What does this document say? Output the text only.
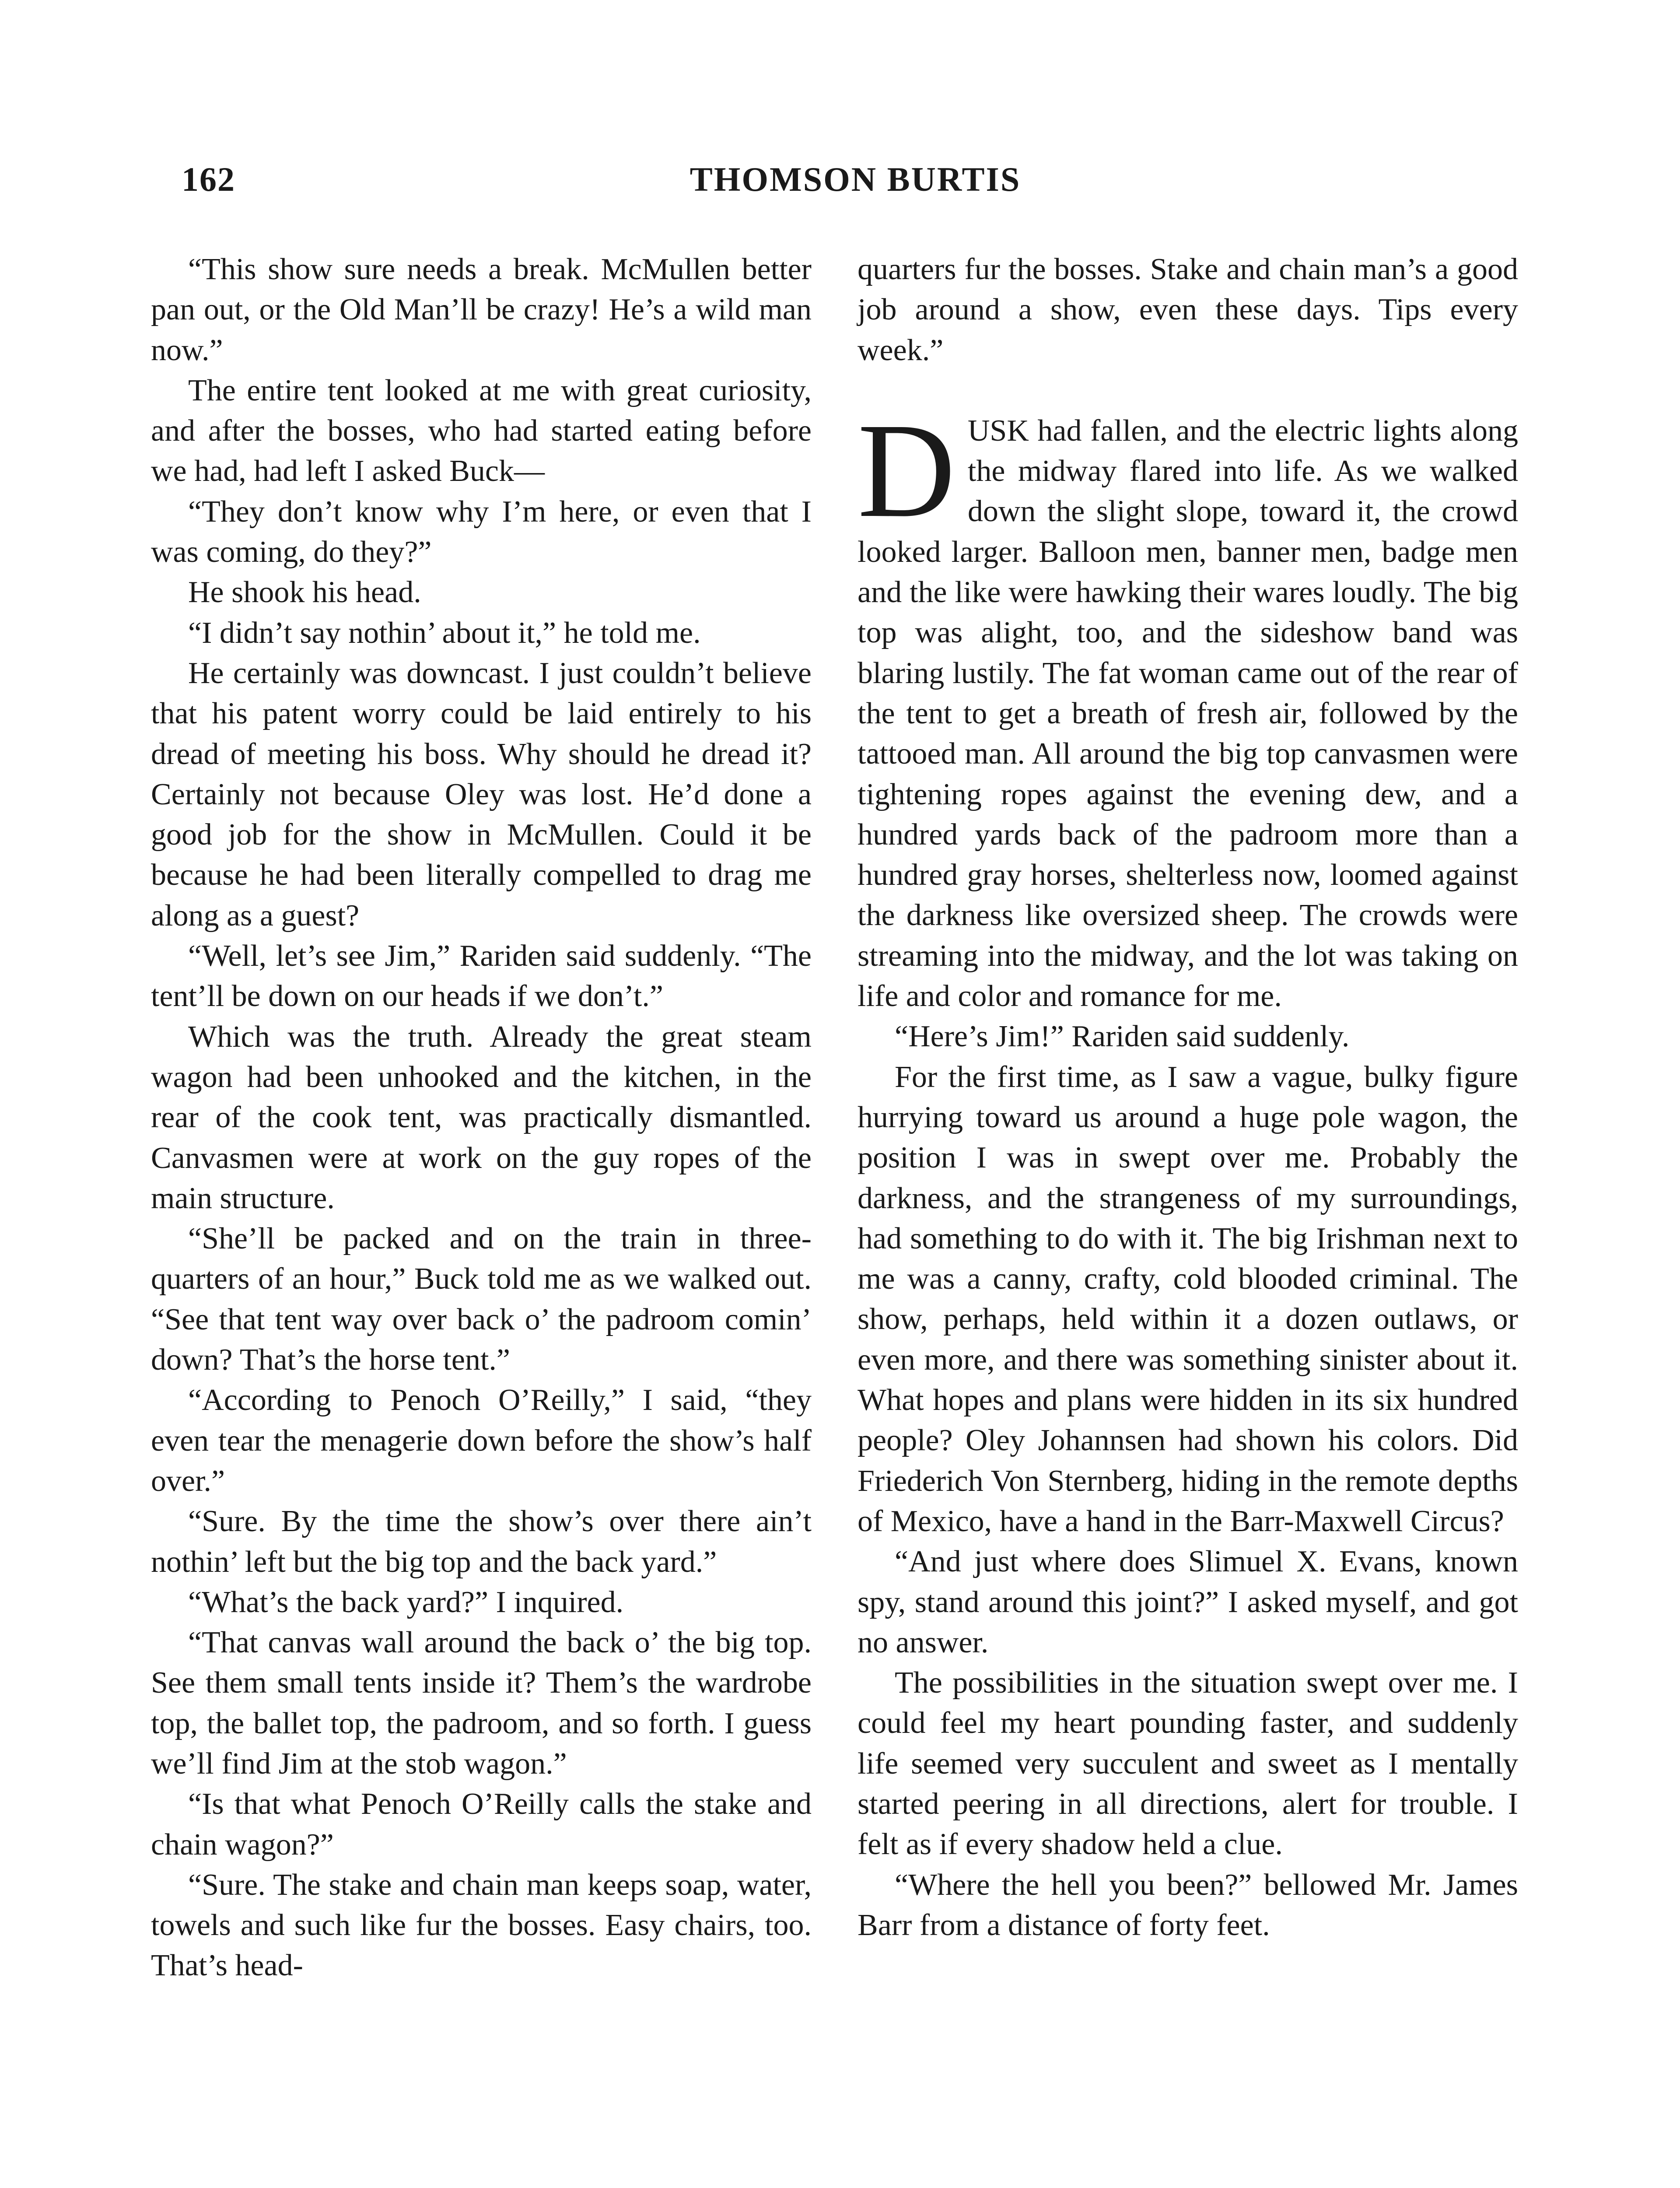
162	THOMSON BURTIS

“This show sure needs a break. McMullen better pan out, or the Old Man’ll be crazy! He’s a wild man now.”

The entire tent looked at me with great curiosity, and after the bosses, who had started eating before we had, had left I asked Buck—

“They don’t know why I’m here, or even that I was coming, do they?”

He shook his head.

“I didn’t say nothin’ about it,” he told me.

He certainly was downcast. I just couldn’t believe that his patent worry could be laid entirely to his dread of meeting his boss. Why should he dread it? Certainly not because Oley was lost. He’d done a good job for the show in McMullen. Could it be because he had been literally compelled to drag me along as a guest?

“Well, let’s see Jim,” Rariden said suddenly. “The tent’ll be down on our heads if we don’t.”

Which was the truth. Already the great steam wagon had been unhooked and the kitchen, in the rear of the cook tent, was practically dismantled. Canvasmen were at work on the guy ropes of the main structure.

“She’ll be packed and on the train in three-quarters of an hour,” Buck told me as we walked out. “See that tent way over back o’ the padroom comin’ down? That’s the horse tent.”

“According to Penoch O’Reilly,” I said, “they even tear the menagerie down before the show’s half over.”

“Sure. By the time the show’s over there ain’t nothin’ left but the big top and the back yard.”

“What’s the back yard?” I inquired.

“That canvas wall around the back o’ the big top. See them small tents inside it? Them’s the wardrobe top, the ballet top, the padroom, and so forth. I guess we’ll find Jim at the stob wagon.”

“Is that what Penoch O’Reilly calls the stake and chain wagon?”

“Sure. The stake and chain man keeps soap, water, towels and such like fur the bosses. Easy chairs, too. That’s head-

quarters fur the bosses. Stake and chain man’s a good job around a show, even these days. Tips every week.”

DUSK had fallen, and the electric lights along the midway flared into life. As we walked down the slight slope, toward it, the crowd looked larger. Balloon men, banner men, badge men and the like were hawking their wares loudly. The big top was alight, too, and the sideshow band was blaring lustily. The fat woman came out of the rear of the tent to get a breath of fresh air, followed by the tattooed man. All around the big top canvasmen were tightening ropes against the evening dew, and a hundred yards back of the padroom more than a hundred gray horses, shelterless now, loomed against the darkness like oversized sheep. The crowds were streaming into the midway, and the lot was taking on life and color and romance for me.

“Here’s Jim!” Rariden said suddenly.

For the first time, as I saw a vague, bulky figure hurrying toward us around a huge pole wagon, the position I was in swept over me. Probably the darkness, and the strangeness of my surroundings, had something to do with it. The big Irishman next to me was a canny, crafty, cold blooded criminal. The show, perhaps, held within it a dozen outlaws, or even more, and there was something sinister about it. What hopes and plans were hidden in its six hundred people? Oley Johannsen had shown his colors. Did Friederich Von Sternberg, hiding in the remote depths of Mexico, have a hand in the Barr-Maxwell Circus?

“And just where does Slimuel X. Evans, known spy, stand around this joint?” I asked myself, and got no answer.

The possibilities in the situation swept over me. I could feel my heart pounding faster, and suddenly life seemed very succulent and sweet as I mentally started peering in all directions, alert for trouble. I felt as if every shadow held a clue.

“Where the hell you been?” bellowed Mr. James Barr from a distance of forty feet.
